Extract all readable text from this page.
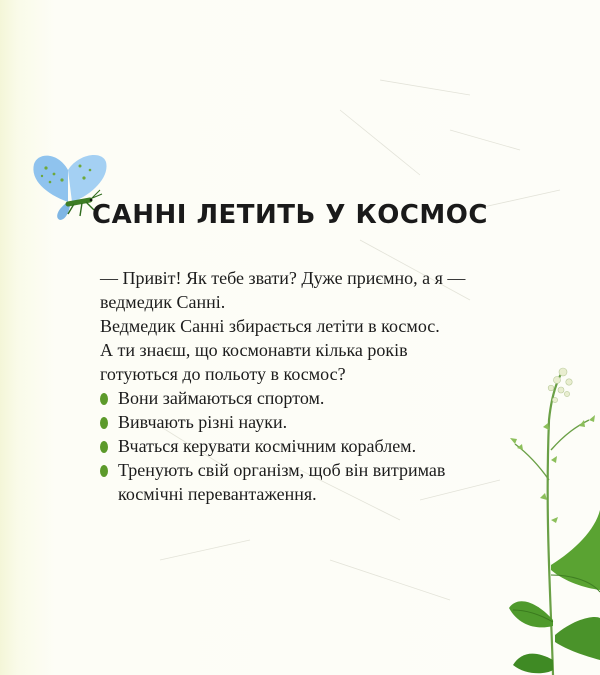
САННІ ЛЕТИТЬ У КОСМОС

— Привіт! Як тебе звати? Дуже приємно, а я —

ведмедик Санні.

Ведмедик Санні збирається летіти в космос.

А ти знаєш, що космонавти кілька років

готуються до польоту в космос?

Вони займаються спортом.
Вивчають різні науки.
Вчаться керувати космічним кораблем.
Тренують свій організм, щоб він витримав
космічні перевантаження.
